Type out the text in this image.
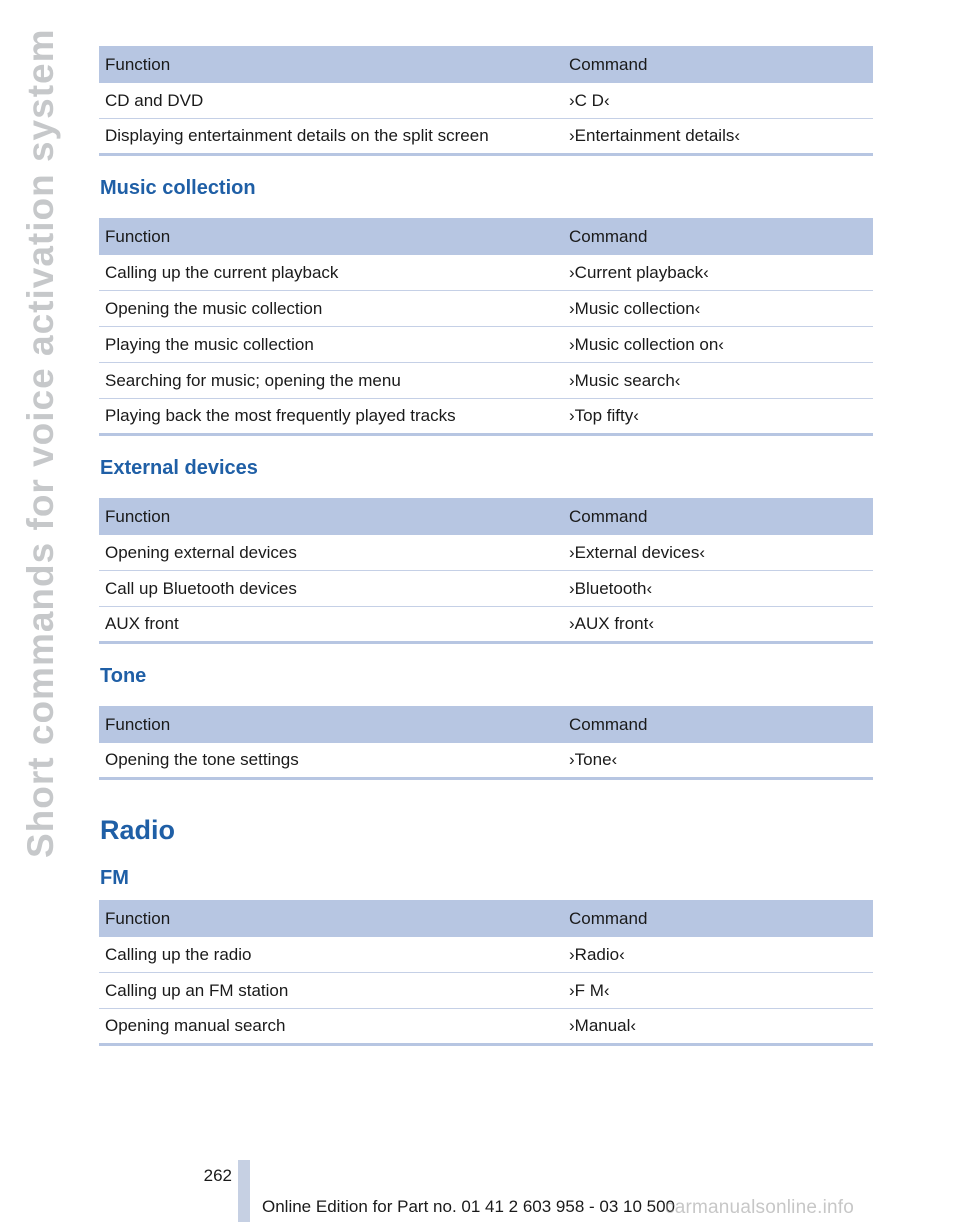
Short commands for voice activation system	Function	Command
CD and DVD	›C D‹
Displaying entertainment details on the split screen	›Entertainment details‹
Music collection
Function	Command
Calling up the current playback	›Current playback‹
Opening the music collection	›Music collection‹
Playing the music collection	›Music collection on‹
Searching for music; opening the menu	›Music search‹
Playing back the most frequently played tracks	›Top fifty‹
External devices
Function	Command
Opening external devices	›External devices‹
Call up Bluetooth devices	›Bluetooth‹
AUX front	›AUX front‹
Tone
Function	Command
Opening the tone settings	›Tone‹
Radio
FM
Function	Command
Calling up the radio	›Radio‹
Calling up an FM station	›F M‹
Opening manual search	›Manual‹
262
Online Edition for Part no. 01 41 2 603 958 - 03 10 500
carmanualsonline.info
